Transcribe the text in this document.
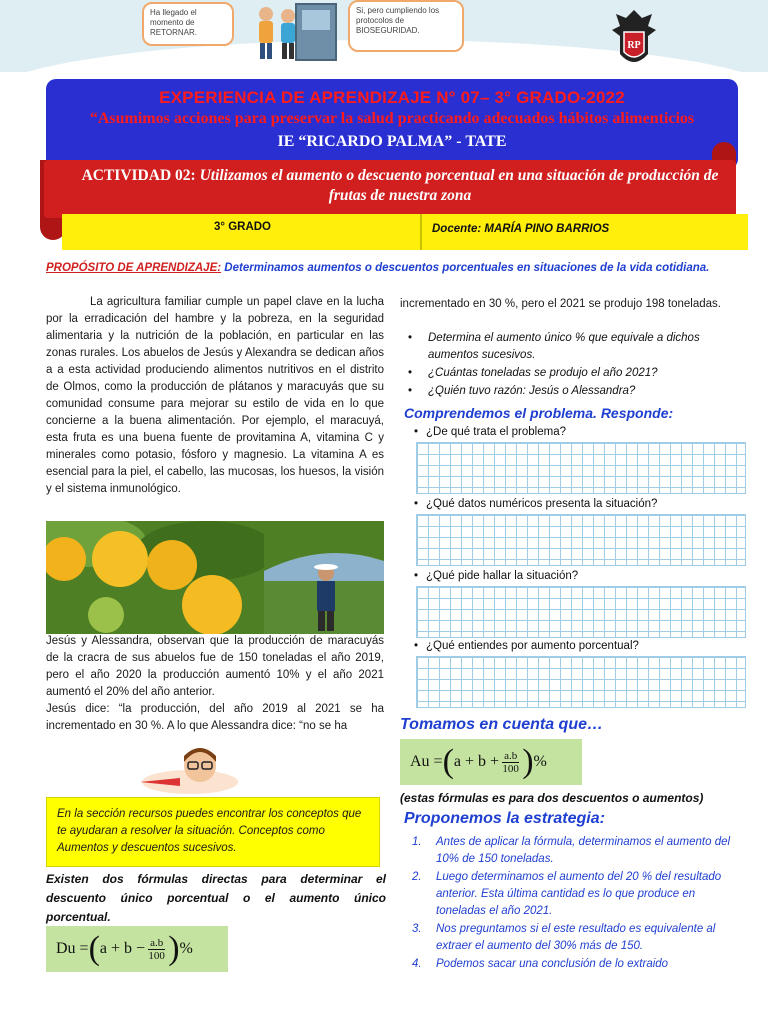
Ha llegado el momento de RETORNAR.
Si, pero cumpliendo los protocolos de BIOSEGURIDAD.
RP
EXPERIENCIA DE APRENDIZAJE N° 07– 3° GRADO-2022
“Asumimos acciones para preservar la salud practicando adecuados hábitos alimenticios
IE “RICARDO PALMA” - TATE
ACTIVIDAD 02: Utilizamos el aumento o descuento porcentual en una situación de producción de frutas de nuestra zona
3° GRADO	Docente: MARÍA PINO BARRIOS
PROPÓSITO DE APRENDIZAJE: Determinamos aumentos o descuentos porcentuales en situaciones de la vida cotidiana.
La agricultura familiar cumple un papel clave en la lucha por la erradicación del hambre y la pobreza, en la seguridad alimentaria y la nutrición de la población, en particular en las zonas rurales. Los abuelos de Jesús y Alexandra se dedican años a a esta actividad produciendo alimentos nutritivos en el distrito de Olmos, como la producción de plátanos y maracuyás que su comunidad consume para mejorar su estilo de vida en lo que concierne a la buena alimentación. Por ejemplo, el maracuyá, esta fruta es una buena fuente de provitamina A, vitamina C y minerales como potasio, fósforo y magnesio. La vitamina A es esencial para la piel, el cabello, las mucosas, los huesos, la visión y el sistema inmunológico.
Jesús y Alessandra, observan que la producción de maracuyás de la cracra de sus abuelos fue de 150 toneladas el año 2019, pero el año 2020 la producción aumentó 10% y el año 2021 aumentó el 20% del año anterior.
Jesús dice: “la producción, del año 2019 al 2021 se ha incrementado en 30 %. A lo que Alessandra dice: “no se ha
En la sección recursos puedes encontrar los conceptos que te ayudaran a resolver la situación. Conceptos como Aumentos y descuentos sucesivos.
Existen dos fórmulas directas para determinar el descuento único porcentual o el aumento único porcentual.
Du = ( $a + b - \frac{a.b}{100}$ ) %
incrementado en 30 %, pero el 2021 se produjo 198 toneladas.
• Determina el aumento único % que equivale a dichos aumentos sucesivos.
• ¿Cuántas toneladas se produjo el año 2021?
• ¿Quién tuvo razón: Jesús o Alessandra?
Comprendemos el problema. Responde:
• ¿De qué trata el problema?
• ¿Qué datos numéricos presenta la situación?
• ¿Qué pide hallar la situación?
• ¿Qué entiendes por aumento porcentual?
Tomamos en cuenta que…
Au = ( $a + b + \frac{a.b}{100}$ ) %
(estas fórmulas es para dos descuentos o aumentos)
Proponemos la estrategia:
1.	Antes de aplicar la fórmula, determinamos el aumento del 10% de 150 toneladas.
2.	Luego determinamos el aumento del 20 % del resultado anterior. Esta última cantidad es lo que produce en toneladas el año 2021.
3.	Nos preguntamos si el este resultado es equivalente al extraer el aumento del 30% más de 150.
4.	Podemos sacar una conclusión de lo extraido
